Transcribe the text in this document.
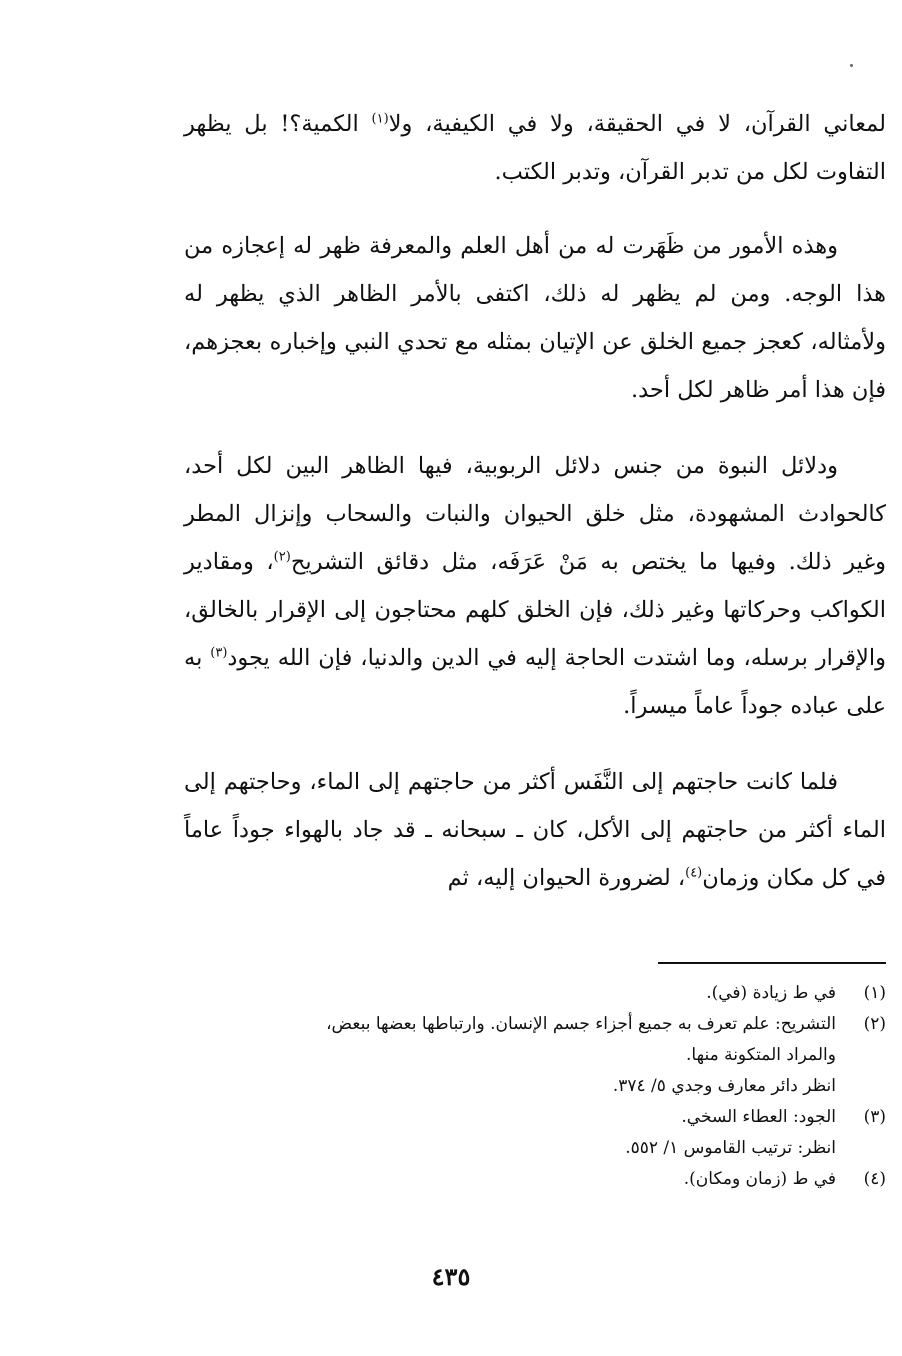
لمعاني القرآن، لا في الحقيقة، ولا في الكيفية، ولا$^{(١)}$ الكمية؟! بل يظهر التفاوت لكل من تدبر القرآن، وتدبر الكتب.

وهذه الأمور من ظَهَرت له من أهل العلم والمعرفة ظهر له إعجازه من هذا الوجه. ومن لم يظهر له ذلك، اكتفى بالأمر الظاهر الذي يظهر له ولأمثاله، كعجز جميع الخلق عن الإتيان بمثله مع تحدي النبي وإخباره بعجزهم، فإن هذا أمر ظاهر لكل أحد.

ودلائل النبوة من جنس دلائل الربوبية، فيها الظاهر البين لكل أحد، كالحوادث المشهودة، مثل خلق الحيوان والنبات والسحاب وإنزال المطر وغير ذلك. وفيها ما يختص به مَنْ عَرَفَه، مثل دقائق التشريح$^{(٢)}$، ومقادير الكواكب وحركاتها وغير ذلك، فإن الخلق كلهم محتاجون إلى الإقرار بالخالق، والإقرار برسله، وما اشتدت الحاجة إليه في الدين والدنيا، فإن الله يجود$^{(٣)}$ به على عباده جوداً عاماً ميسراً.

فلما كانت حاجتهم إلى النَّفَس أكثر من حاجتهم إلى الماء، وحاجتهم إلى الماء أكثر من حاجتهم إلى الأكل، كان ـ سبحانه ـ قد جاد بالهواء جوداً عاماً في كل مكان وزمان$^{(٤)}$، لضرورة الحيوان إليه، ثم

(١)
في ط زيادة (في).
(٢)
التشريح: علم تعرف به جميع أجزاء جسم الإنسان. وارتباطها بعضها ببعض،
والمراد المتكونة منها.
انظر دائر معارف وجدي ٥/ ٣٧٤.
(٣)
الجود: العطاء السخي.
انظر: ترتيب القاموس ١/ ٥٥٢.
(٤)
في ط (زمان ومكان).
٤٣٥
